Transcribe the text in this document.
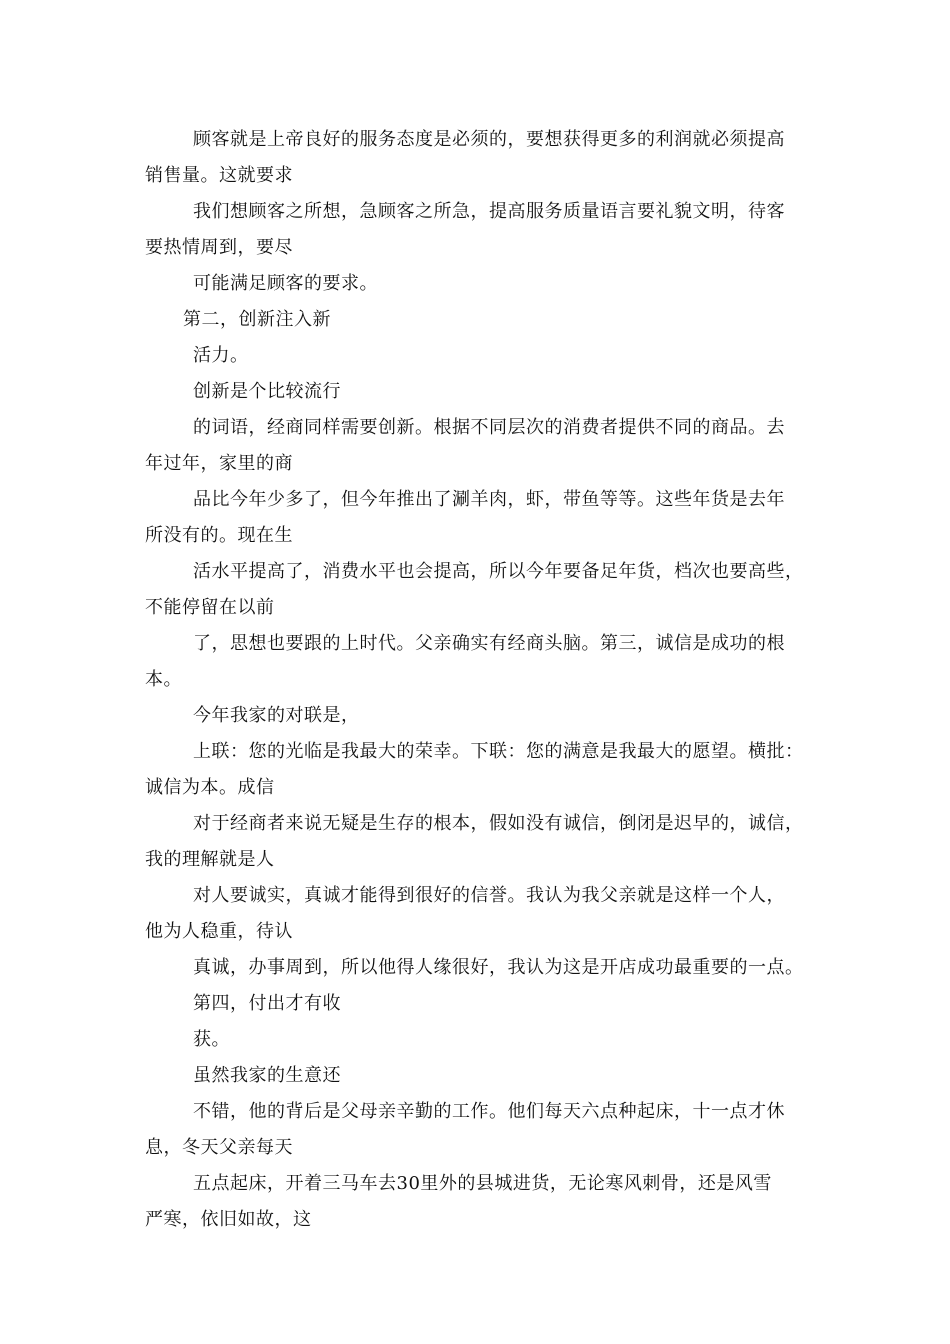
顾客就是上帝良好的服务态度是必须的，要想获得更多的利润就必须提高
销售量。这就要求
我们想顾客之所想，急顾客之所急，提高服务质量语言要礼貌文明，待客
要热情周到，要尽
可能满足顾客的要求。
第二，创新注入新
活力。
创新是个比较流行
的词语，经商同样需要创新。根据不同层次的消费者提供不同的商品。去
年过年，家里的商
品比今年少多了，但今年推出了涮羊肉，虾，带鱼等等。这些年货是去年
所没有的。现在生
活水平提高了，消费水平也会提高，所以今年要备足年货，档次也要高些，
不能停留在以前
了，思想也要跟的上时代。父亲确实有经商头脑。第三，诚信是成功的根
本。
今年我家的对联是，
上联：您的光临是我最大的荣幸。下联：您的满意是我最大的愿望。横批：
诚信为本。成信
对于经商者来说无疑是生存的根本，假如没有诚信，倒闭是迟早的，诚信，
我的理解就是人
对人要诚实，真诚才能得到很好的信誉。我认为我父亲就是这样一个人，
他为人稳重，待认
真诚，办事周到，所以他得人缘很好，我认为这是开店成功最重要的一点。
第四，付出才有收
获。
虽然我家的生意还
不错，他的背后是父母亲辛勤的工作。他们每天六点种起床，十一点才休
息，冬天父亲每天
五点起床，开着三马车去30里外的县城进货，无论寒风刺骨，还是风雪
严寒，依旧如故，这
